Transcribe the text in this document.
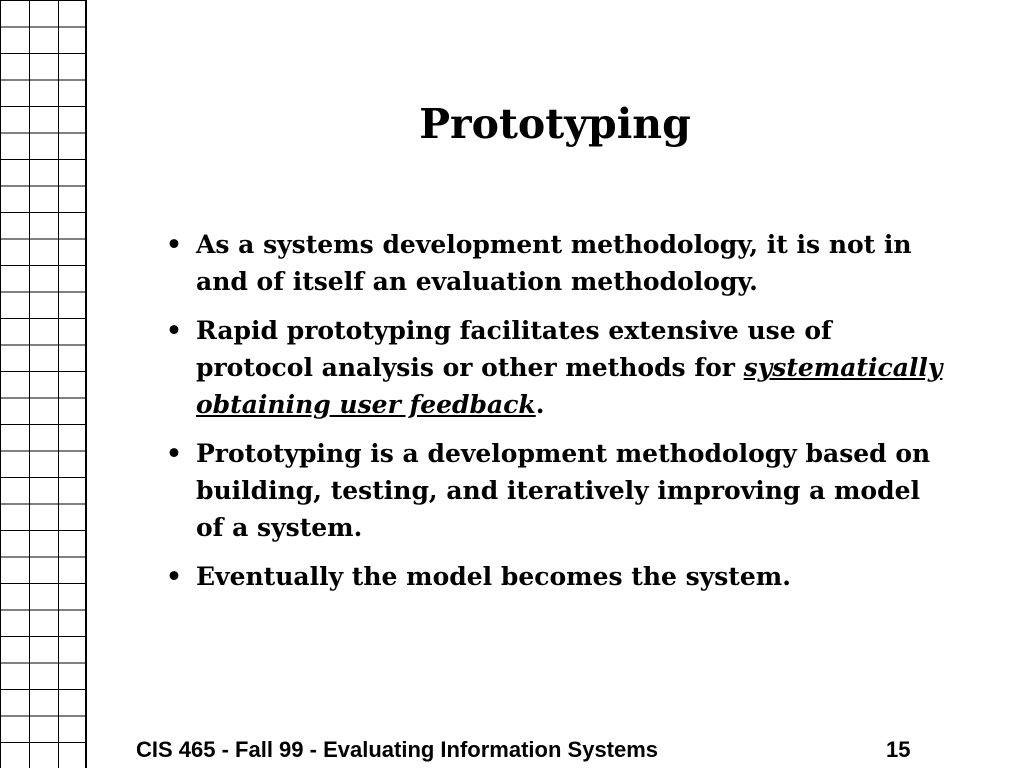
Prototyping
• As a systems development methodology, it is not in and of itself an evaluation methodology.
• Rapid prototyping facilitates extensive use of protocol analysis or other methods for systematically obtaining user feedback.
• Prototyping is a development methodology based on building, testing, and iteratively improving a model of a system.
• Eventually the model becomes the system.
CIS 465 - Fall 99 - Evaluating Information Systems	15
